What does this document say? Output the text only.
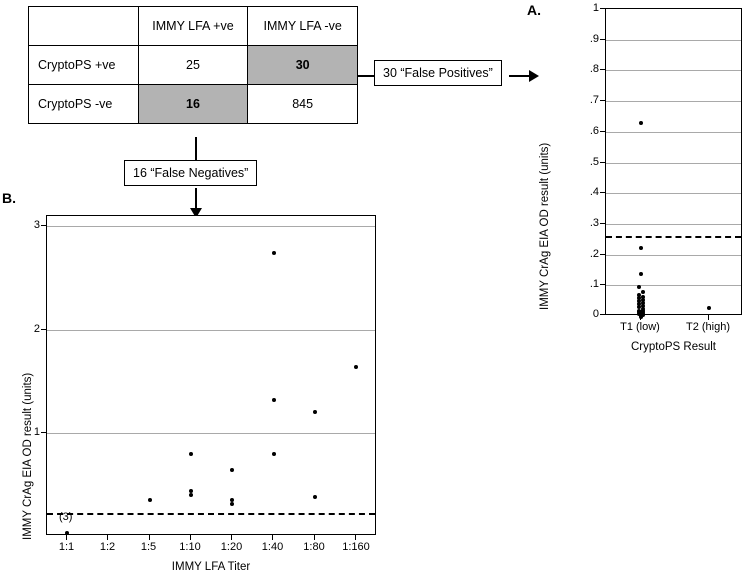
	IMMY LFA +ve	IMMY LFA -ve
CryptoPS +ve	25	30
CryptoPS -ve	16	845
30 “False Positives”
16 “False Negatives”
A.
IMMY CrAg EIA OD result (units)
1
.9
.8
.7
.6
.5
.4
.3
.2
.1
0
T1 (low)	T2 (high)
CryptoPS Result
B.
IMMY CrAg EIA OD result (units) (3)
3
2
1
1:1	1:2	1:5	1:10	1:20	1:40	1:80	1:160
IMMY LFA Titer
